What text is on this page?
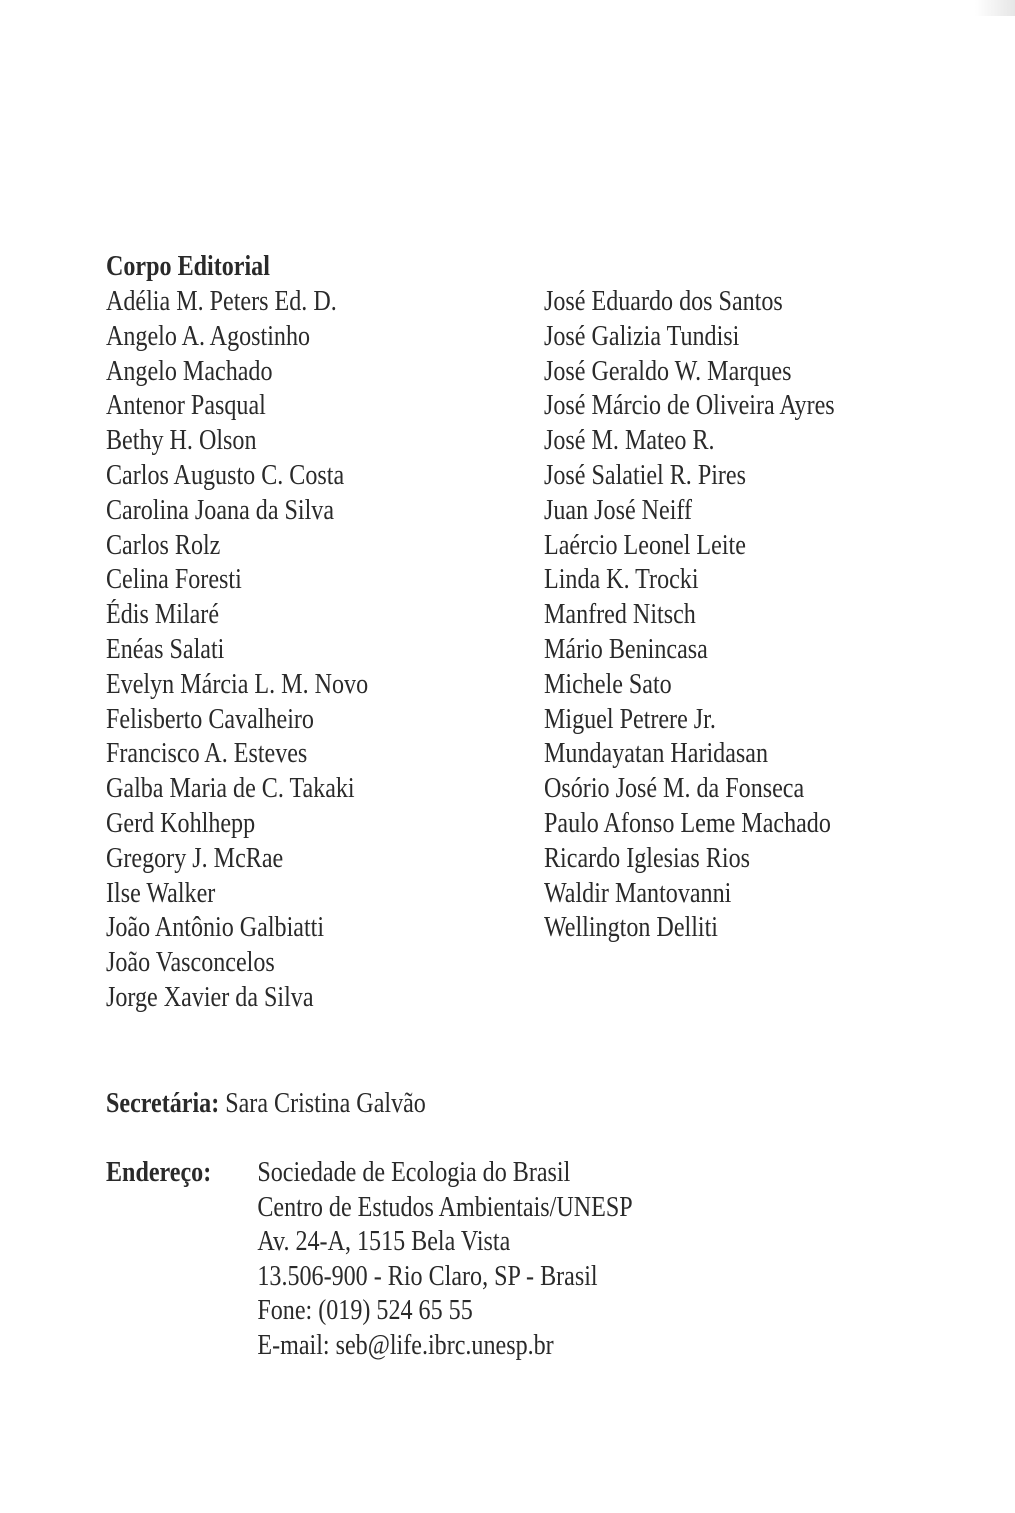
Corpo Editorial
Adélia M. Peters Ed. D.
Angelo A. Agostinho
Angelo Machado
Antenor Pasqual
Bethy H. Olson
Carlos Augusto C. Costa
Carolina Joana da Silva
Carlos Rolz
Celina Foresti
Édis Milaré
Enéas Salati
Evelyn Márcia L. M. Novo
Felisberto Cavalheiro
Francisco A. Esteves
Galba Maria de C. Takaki
Gerd Kohlhepp
Gregory J. McRae
Ilse Walker
João Antônio Galbiatti
João Vasconcelos
Jorge Xavier da Silva
José Eduardo dos Santos
José Galizia Tundisi
José Geraldo W. Marques
José Márcio de Oliveira Ayres
José M. Mateo R.
José Salatiel R. Pires
Juan José Neiff
Laércio Leonel Leite
Linda K. Trocki
Manfred Nitsch
Mário Benincasa
Michele Sato
Miguel Petrere Jr.
Mundayatan Haridasan
Osório José M. da Fonseca
Paulo Afonso Leme Machado
Ricardo Iglesias Rios
Waldir Mantovanni
Wellington Delliti
Secretária: Sara Cristina Galvão
Endereço: Sociedade de Ecologia do Brasil
Centro de Estudos Ambientais/UNESP
Av. 24-A, 1515 Bela Vista
13.506-900 - Rio Claro, SP - Brasil
Fone: (019) 524 65 55
E-mail: seb@life.ibrc.unesp.br
